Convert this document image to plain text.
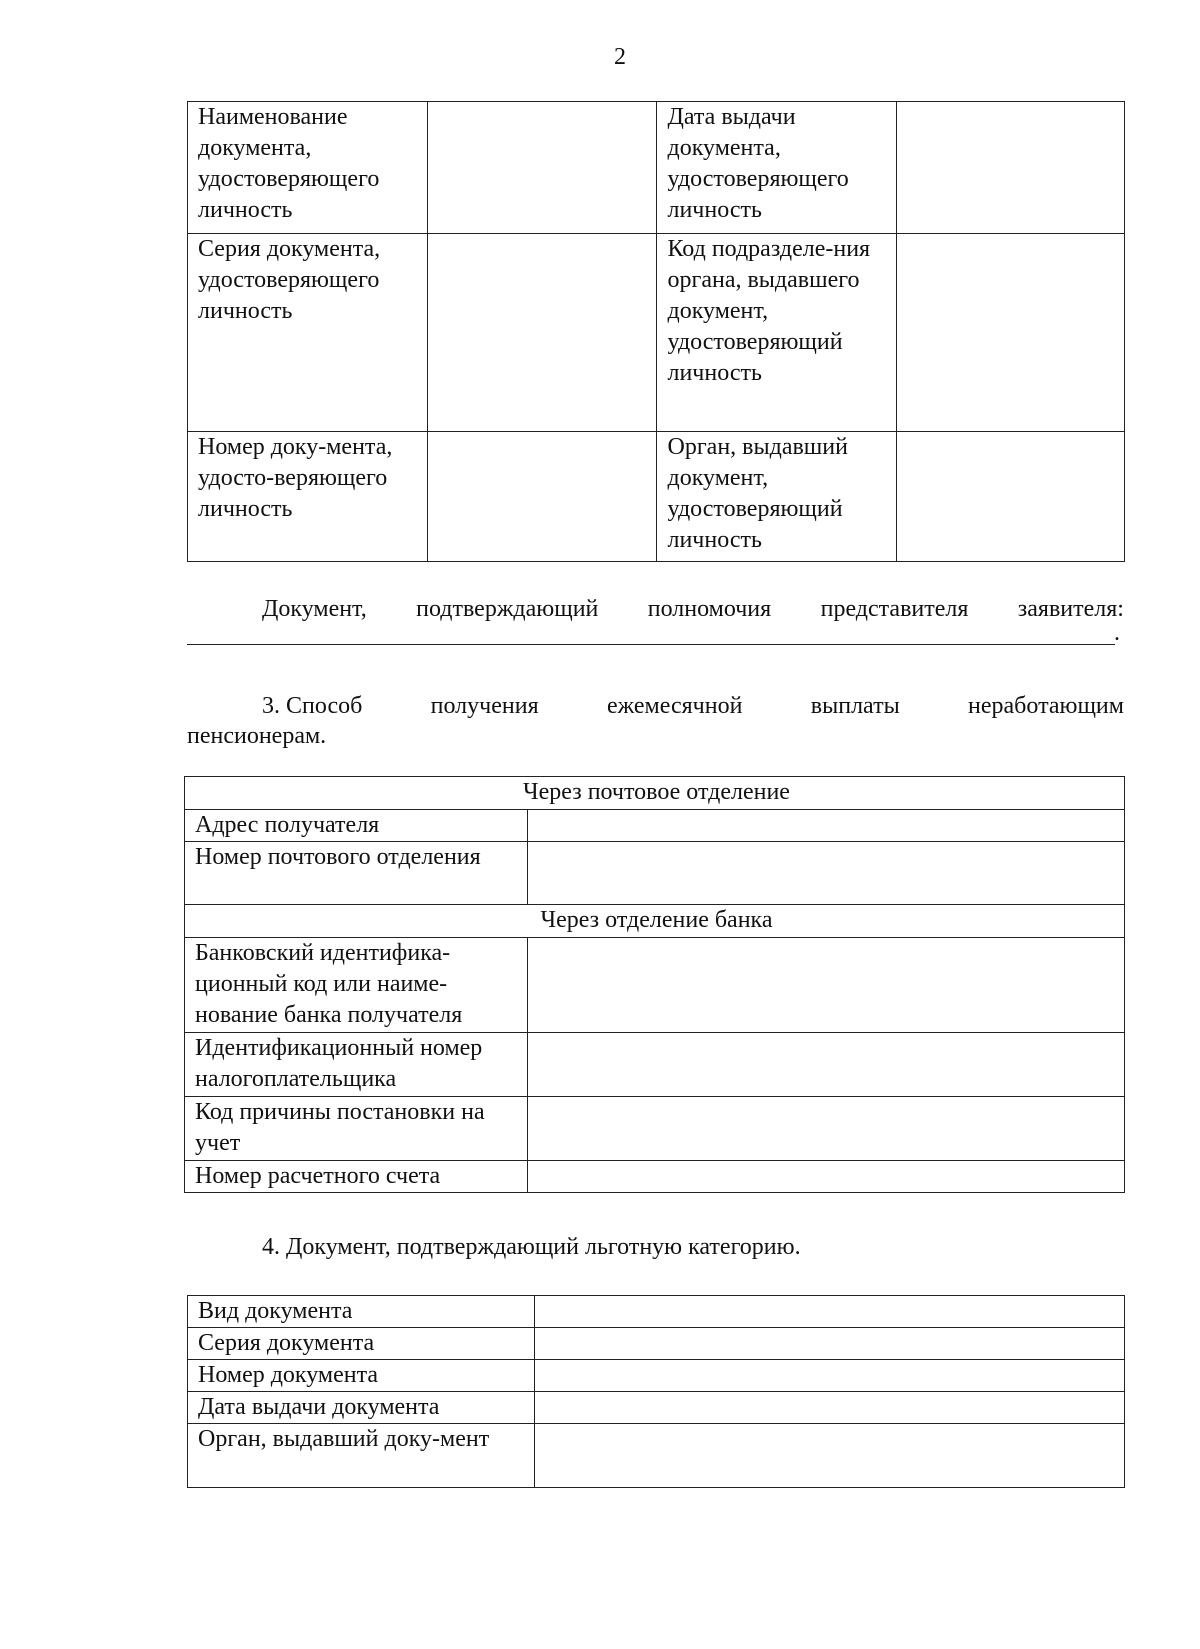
2
Наименование документа, удостоверяющего личность		Дата выдачи документа, удостоверяющего личность	
Серия документа, удостоверяющего личность		Код подразделе-ния органа, выдавшего документ, удостоверяющий личность	
Номер доку-мента, удосто-веряющего личность		Орган, выдавший документ, удостоверяющий личность	
Документ, подтверждающий полномочия представителя заявителя:
.
3. Способ	получения	ежемесячной	выплаты	неработающим
пенсионерам.
Через почтовое отделение	
Адрес получателя	
Номер почтового отделения	
Через отделение банка	
Банковский идентифика-ционный код или наиме-нование банка получателя	
Идентификационный номер налогоплательщика	
Код причины постановки на учет	
Номер расчетного счета	
4. Документ, подтверждающий льготную категорию.
Вид документа	
Серия документа	
Номер документа	
Дата выдачи документа	
Орган, выдавший доку-мент	
